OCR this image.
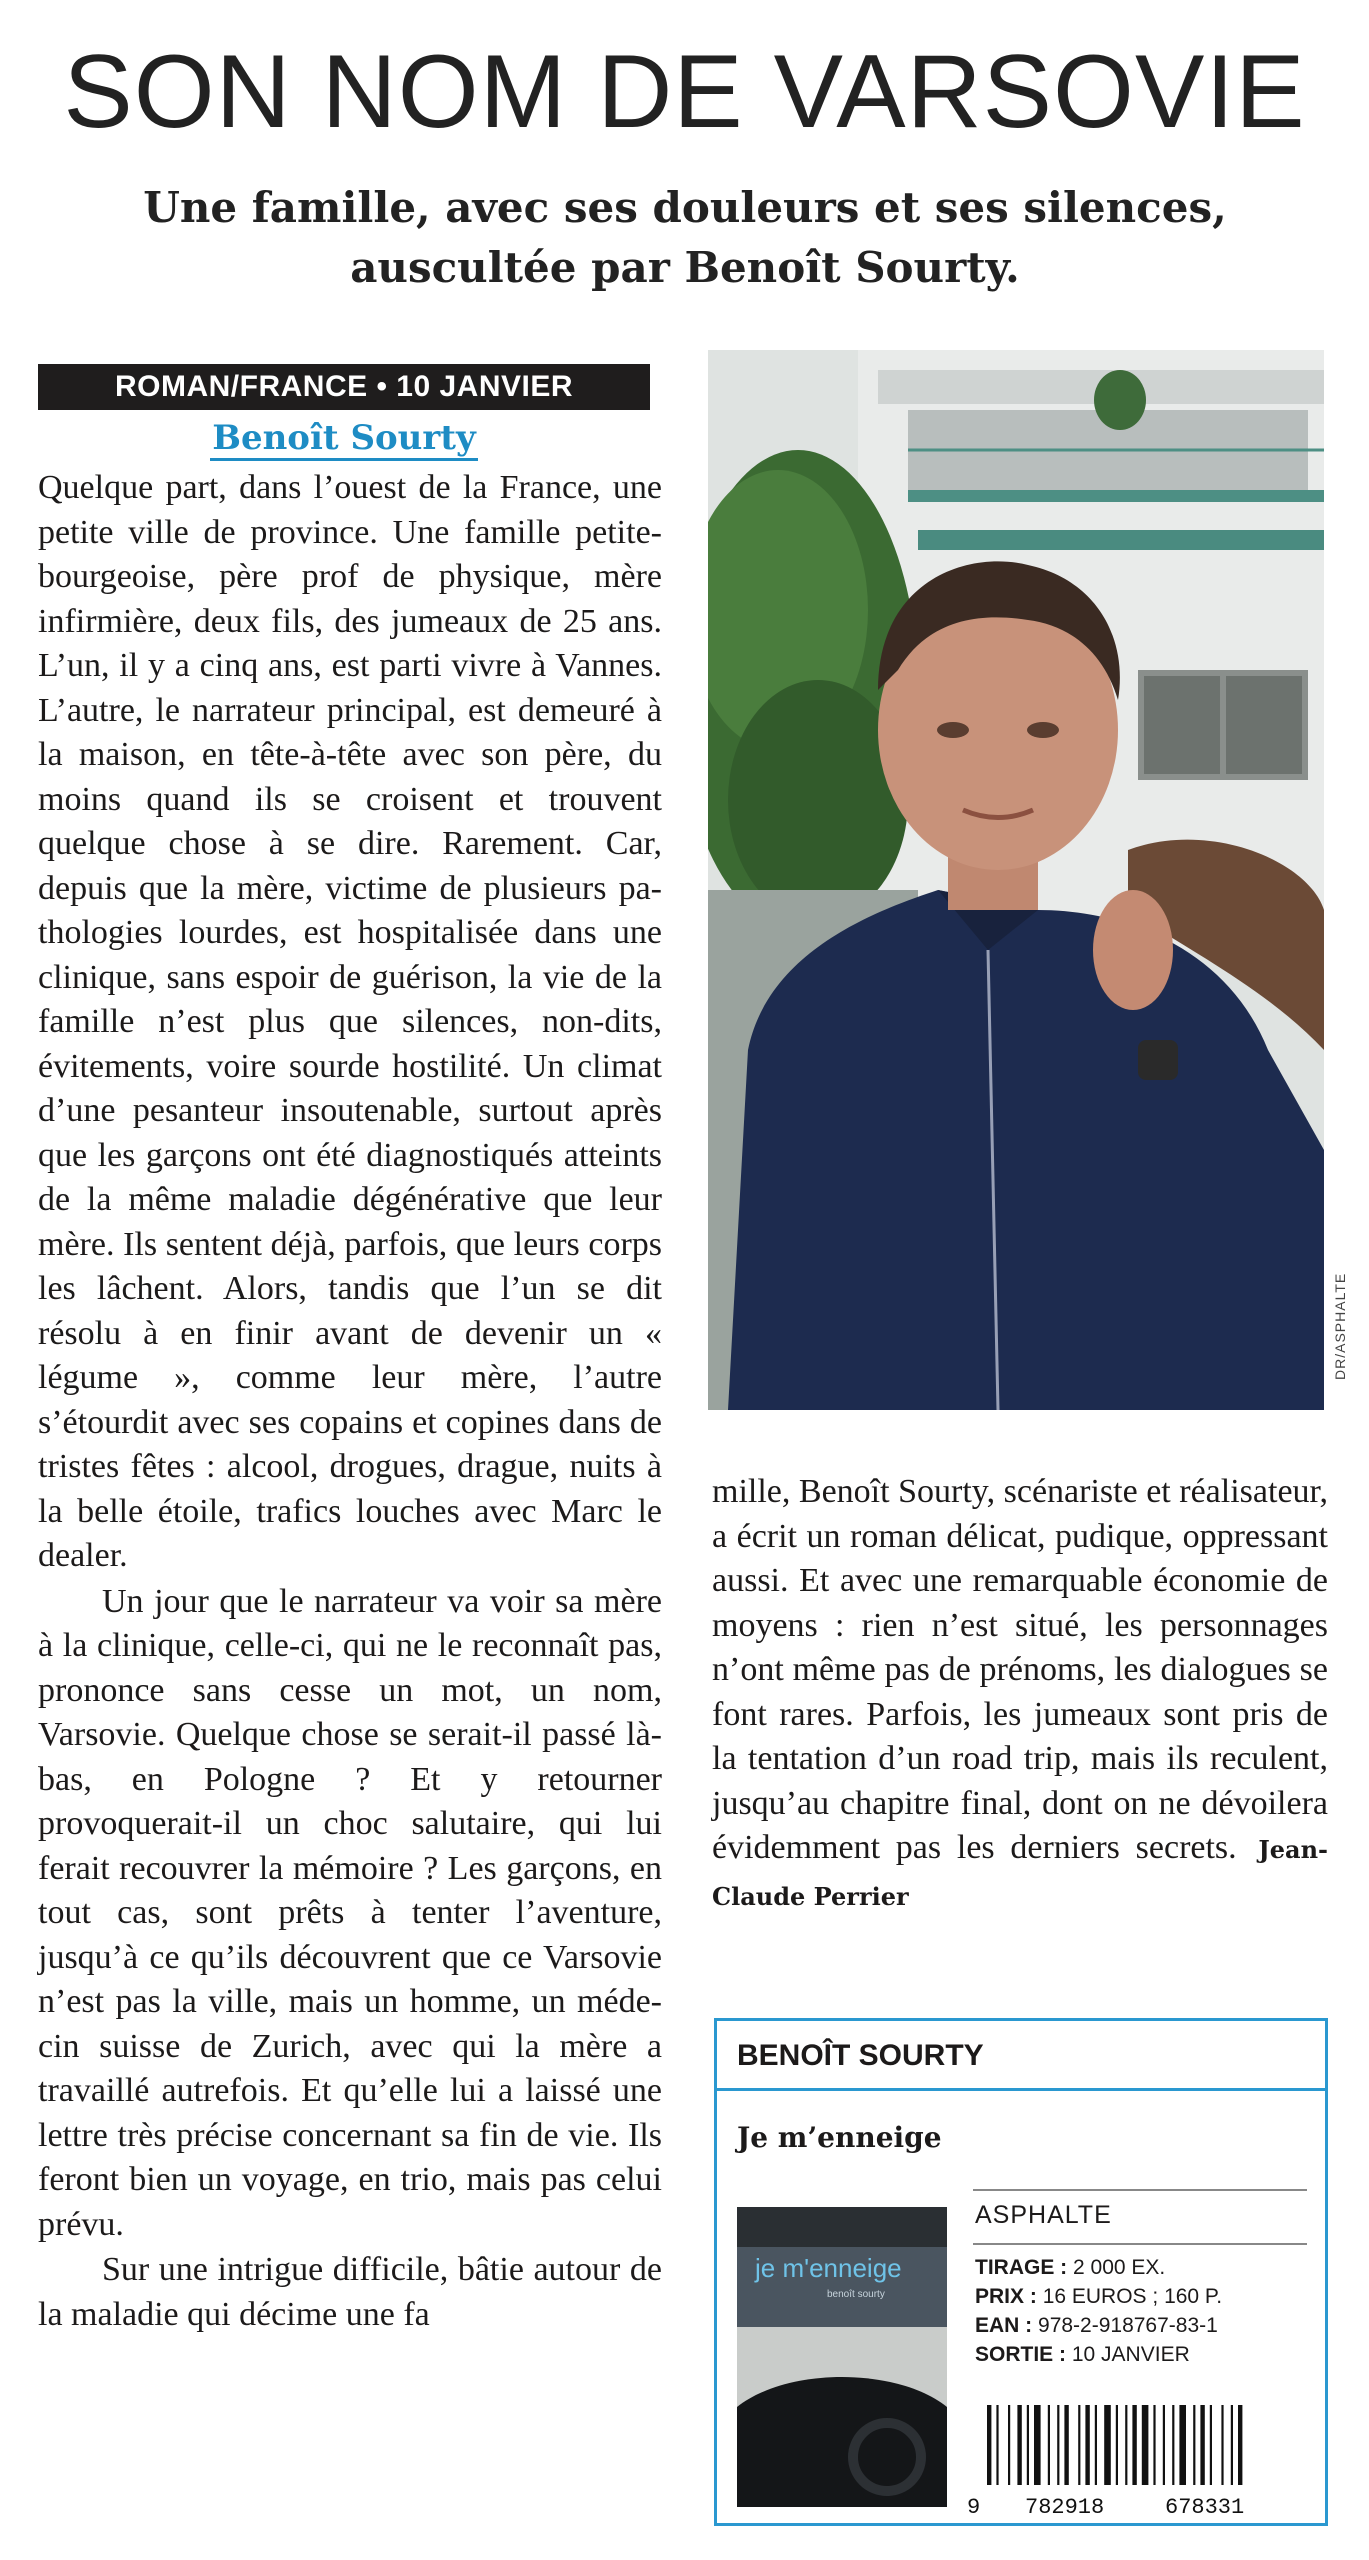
SON NOM DE VARSOVIE
Une famille, avec ses douleurs et ses silences,
auscultée par Benoît Sourty.
ROMAN/FRANCE • 10 JANVIER
Benoît Sourty

Quelque part, dans l’ouest de la France, une petite ville de province. Une famille petite-bourgeoise, père prof de physique, mère infirmière, deux fils, des jumeaux de 25 ans. L’un, il y a cinq ans, est parti vivre à Vannes. L’autre, le narrateur principal, est demeuré à la maison, en tête-à-tête avec son père, du moins quand ils se croisent et trouvent quelque chose à se dire. Rarement. Car, depuis que la mère, victime de plusieurs pathologies lourdes, est hospitalisée dans une clinique, sans espoir de guérison, la vie de la famille n’est plus que silences, non-dits, évitements, voire sourde hostilité. Un climat d’une pesanteur insoutenable, surtout après que les garçons ont été diagnostiqués atteints de la même maladie dégénérative que leur mère. Ils sentent déjà, parfois, que leurs corps les lâchent. Alors, tandis que l’un se dit résolu à en finir avant de devenir un « légume », comme leur mère, l’autre s’étourdit avec ses copains et copines dans de tristes fêtes : alcool, drogues, drague, nuits à la belle étoile, trafics louches avec Marc le dealer.

Un jour que le narrateur va voir sa mère à la clinique, celle-ci, qui ne le reconnaît pas, prononce sans cesse un mot, un nom, Varsovie. Quelque chose se serait-il passé là-bas, en Pologne ? Et y retourner provoquerait-il un choc salutaire, qui lui ferait recouvrer la mémoire ? Les garçons, en tout cas, sont prêts à tenter l’aventure, jusqu’à ce qu’ils découvrent que ce Varsovie n’est pas la ville, mais un homme, un médecin suisse de Zurich, avec qui la mère a travaillé autrefois. Et qu’elle lui a laissé une lettre très précise concernant sa fin de vie. Ils feront bien un voyage, en trio, mais pas celui prévu.

Sur une intrigue difficile, bâtie autour de la maladie qui décime une fa

DR/ASPHALTE
mille, Benoît Sourty, scénariste et réalisateur, a écrit un roman délicat, pudique, oppressant aussi. Et avec une remarquable économie de moyens : rien n’est situé, les personnages n’ont même pas de prénoms, les dialogues se font rares. Parfois, les jumeaux sont pris de la tentation d’un road trip, mais ils reculent, jusqu’au chapitre final, dont on ne dévoilera évidemment pas les derniers secrets. Jean-Claude Perrier
BENOÎT SOURTY
Je m’enneige
je m'enneige
benoît sourty
ASPHALTE
TIRAGE : 2 000 EX.
PRIX : 16 EUROS ; 160 P.
EAN : 978-2-918767-83-1
SORTIE : 10 JANVIER
9 782918	678331
